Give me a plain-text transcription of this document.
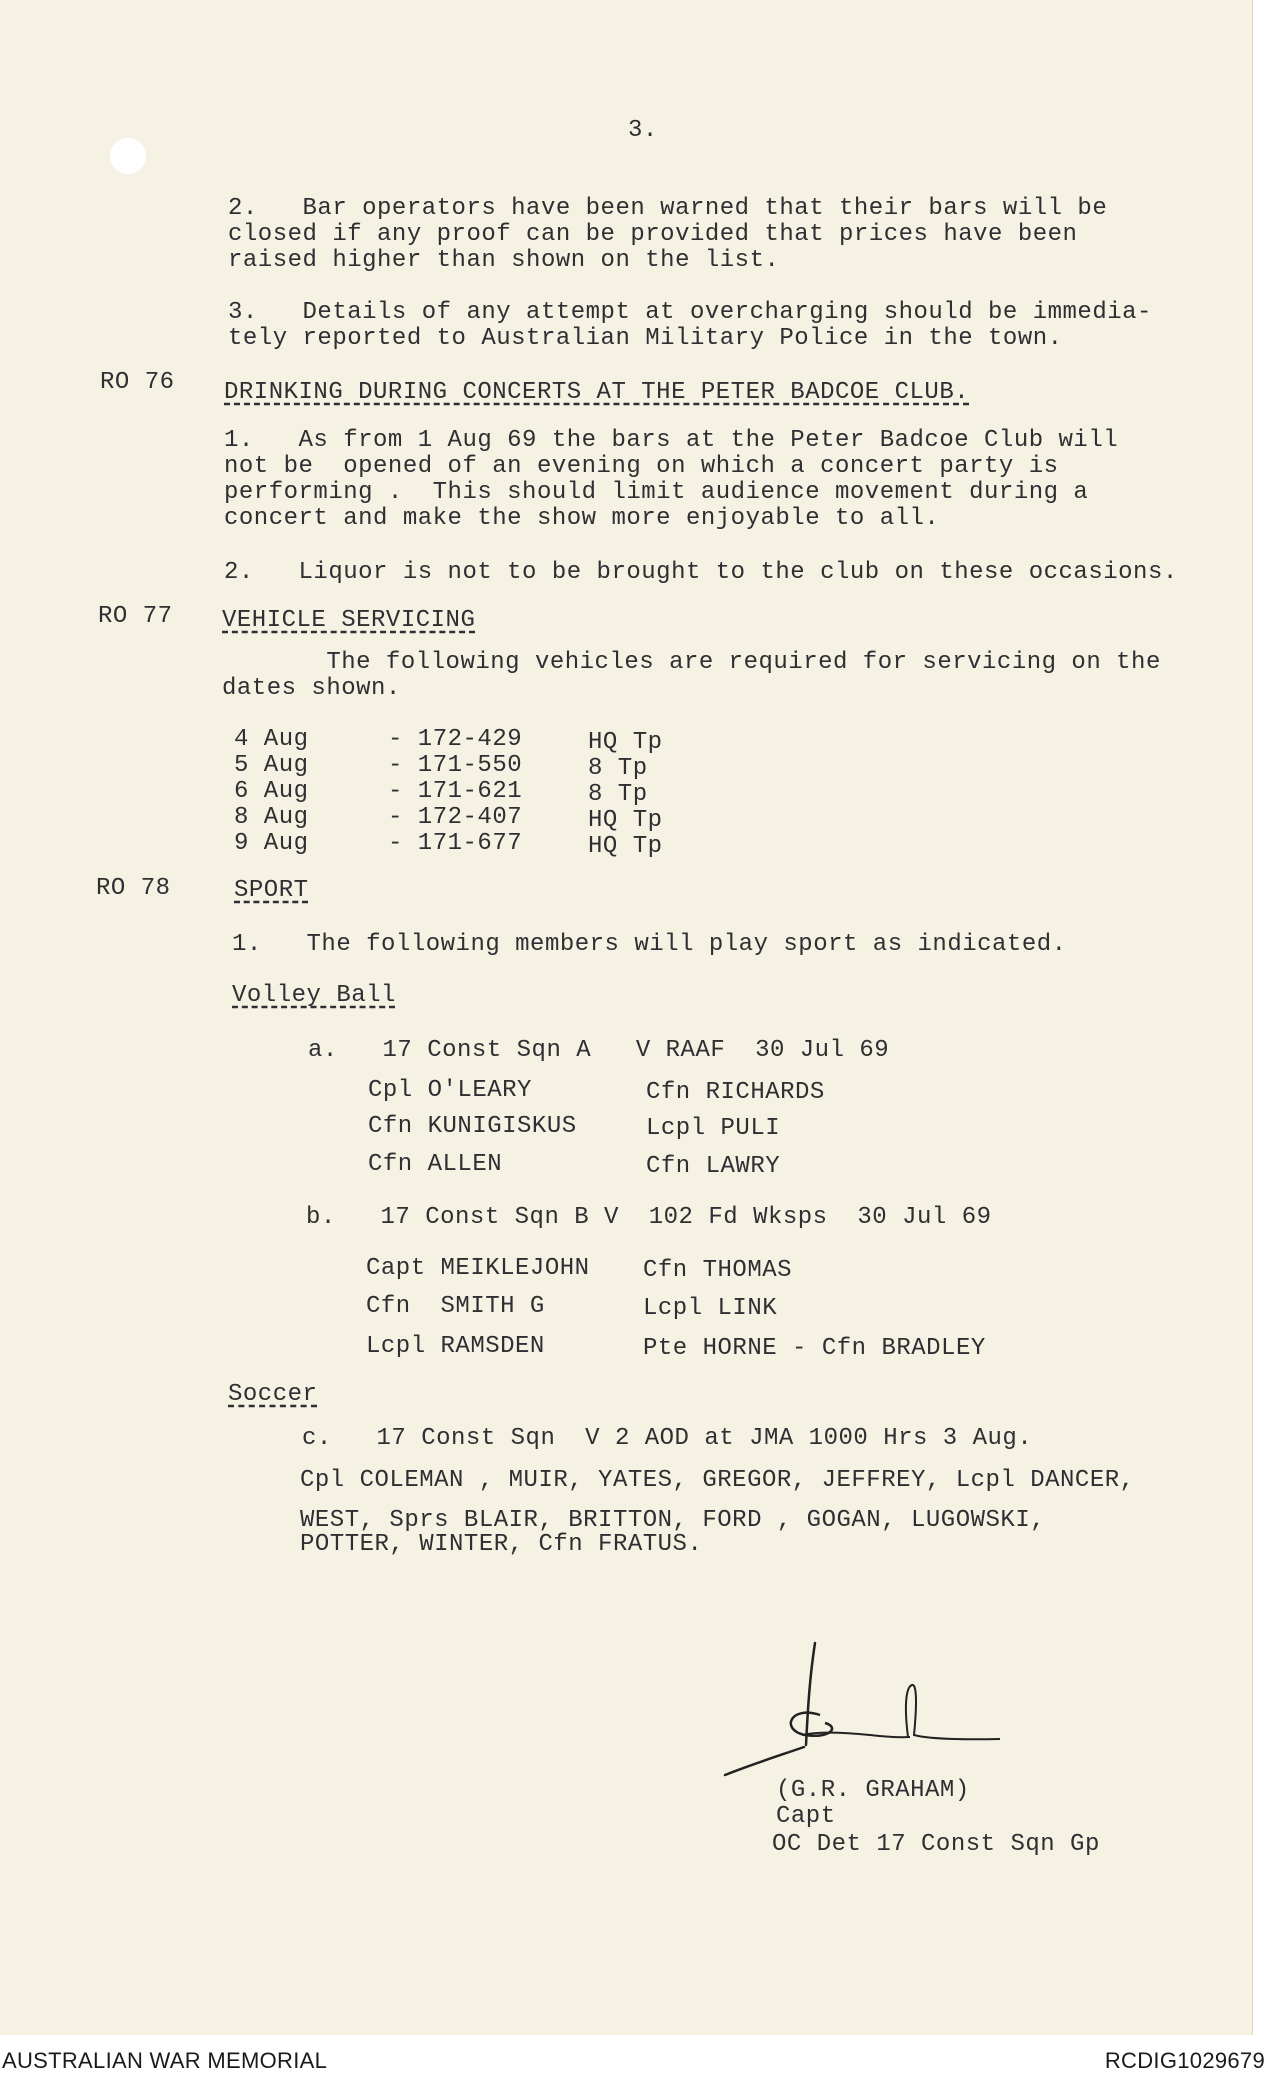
3.
2.   Bar operators have been warned that their bars will be
closed if any proof can be provided that prices have been
raised higher than shown on the list.
3.   Details of any attempt at overcharging should be immedia-
tely reported to Australian Military Police in the town.
RO 76 DRINKING DURING CONCERTS AT THE PETER BADCOE CLUB.
1.   As from 1 Aug 69 the bars at the Peter Badcoe Club will
not be  opened of an evening on which a concert party is
performing .  This should limit audience movement during a
concert and make the show more enjoyable to all.
2.   Liquor is not to be brought to the club on these occasions.
RO 77 VEHICLE SERVICING
The following vehicles are required for servicing on the
dates shown.
4 Aug	- 172-429	HQ Tp
5 Aug	- 171-550	8 Tp
6 Aug	- 171-621	8 Tp
8 Aug	- 172-407	HQ Tp
9 Aug	- 171-677	HQ Tp
RO 78	SPORT
1.   The following members will play sport as indicated.
Volley Ball
a.   17 Const Sqn A   V RAAF  30 Jul 69
Cpl O'LEARY	Cfn RICHARDS
Cfn KUNIGISKUS	Lcpl PULI
Cfn ALLEN	Cfn LAWRY
b.   17 Const Sqn B V  102 Fd Wksps  30 Jul 69
Capt MEIKLEJOHN Cfn THOMAS
Cfn  SMITH G	Lcpl LINK
Lcpl RAMSDEN	Pte HORNE - Cfn BRADLEY
Soccer
c.   17 Const Sqn  V 2 AOD at JMA 1000 Hrs 3 Aug.
Cpl COLEMAN , MUIR, YATES, GREGOR, JEFFREY, Lcpl DANCER,
WEST, Sprs BLAIR, BRITTON, FORD , GOGAN, LUGOWSKI,
POTTER, WINTER, Cfn FRATUS.
(G.R. GRAHAM)
Capt
OC Det 17 Const Sqn Gp
AUSTRALIAN WAR MEMORIAL	RCDIG1029679
